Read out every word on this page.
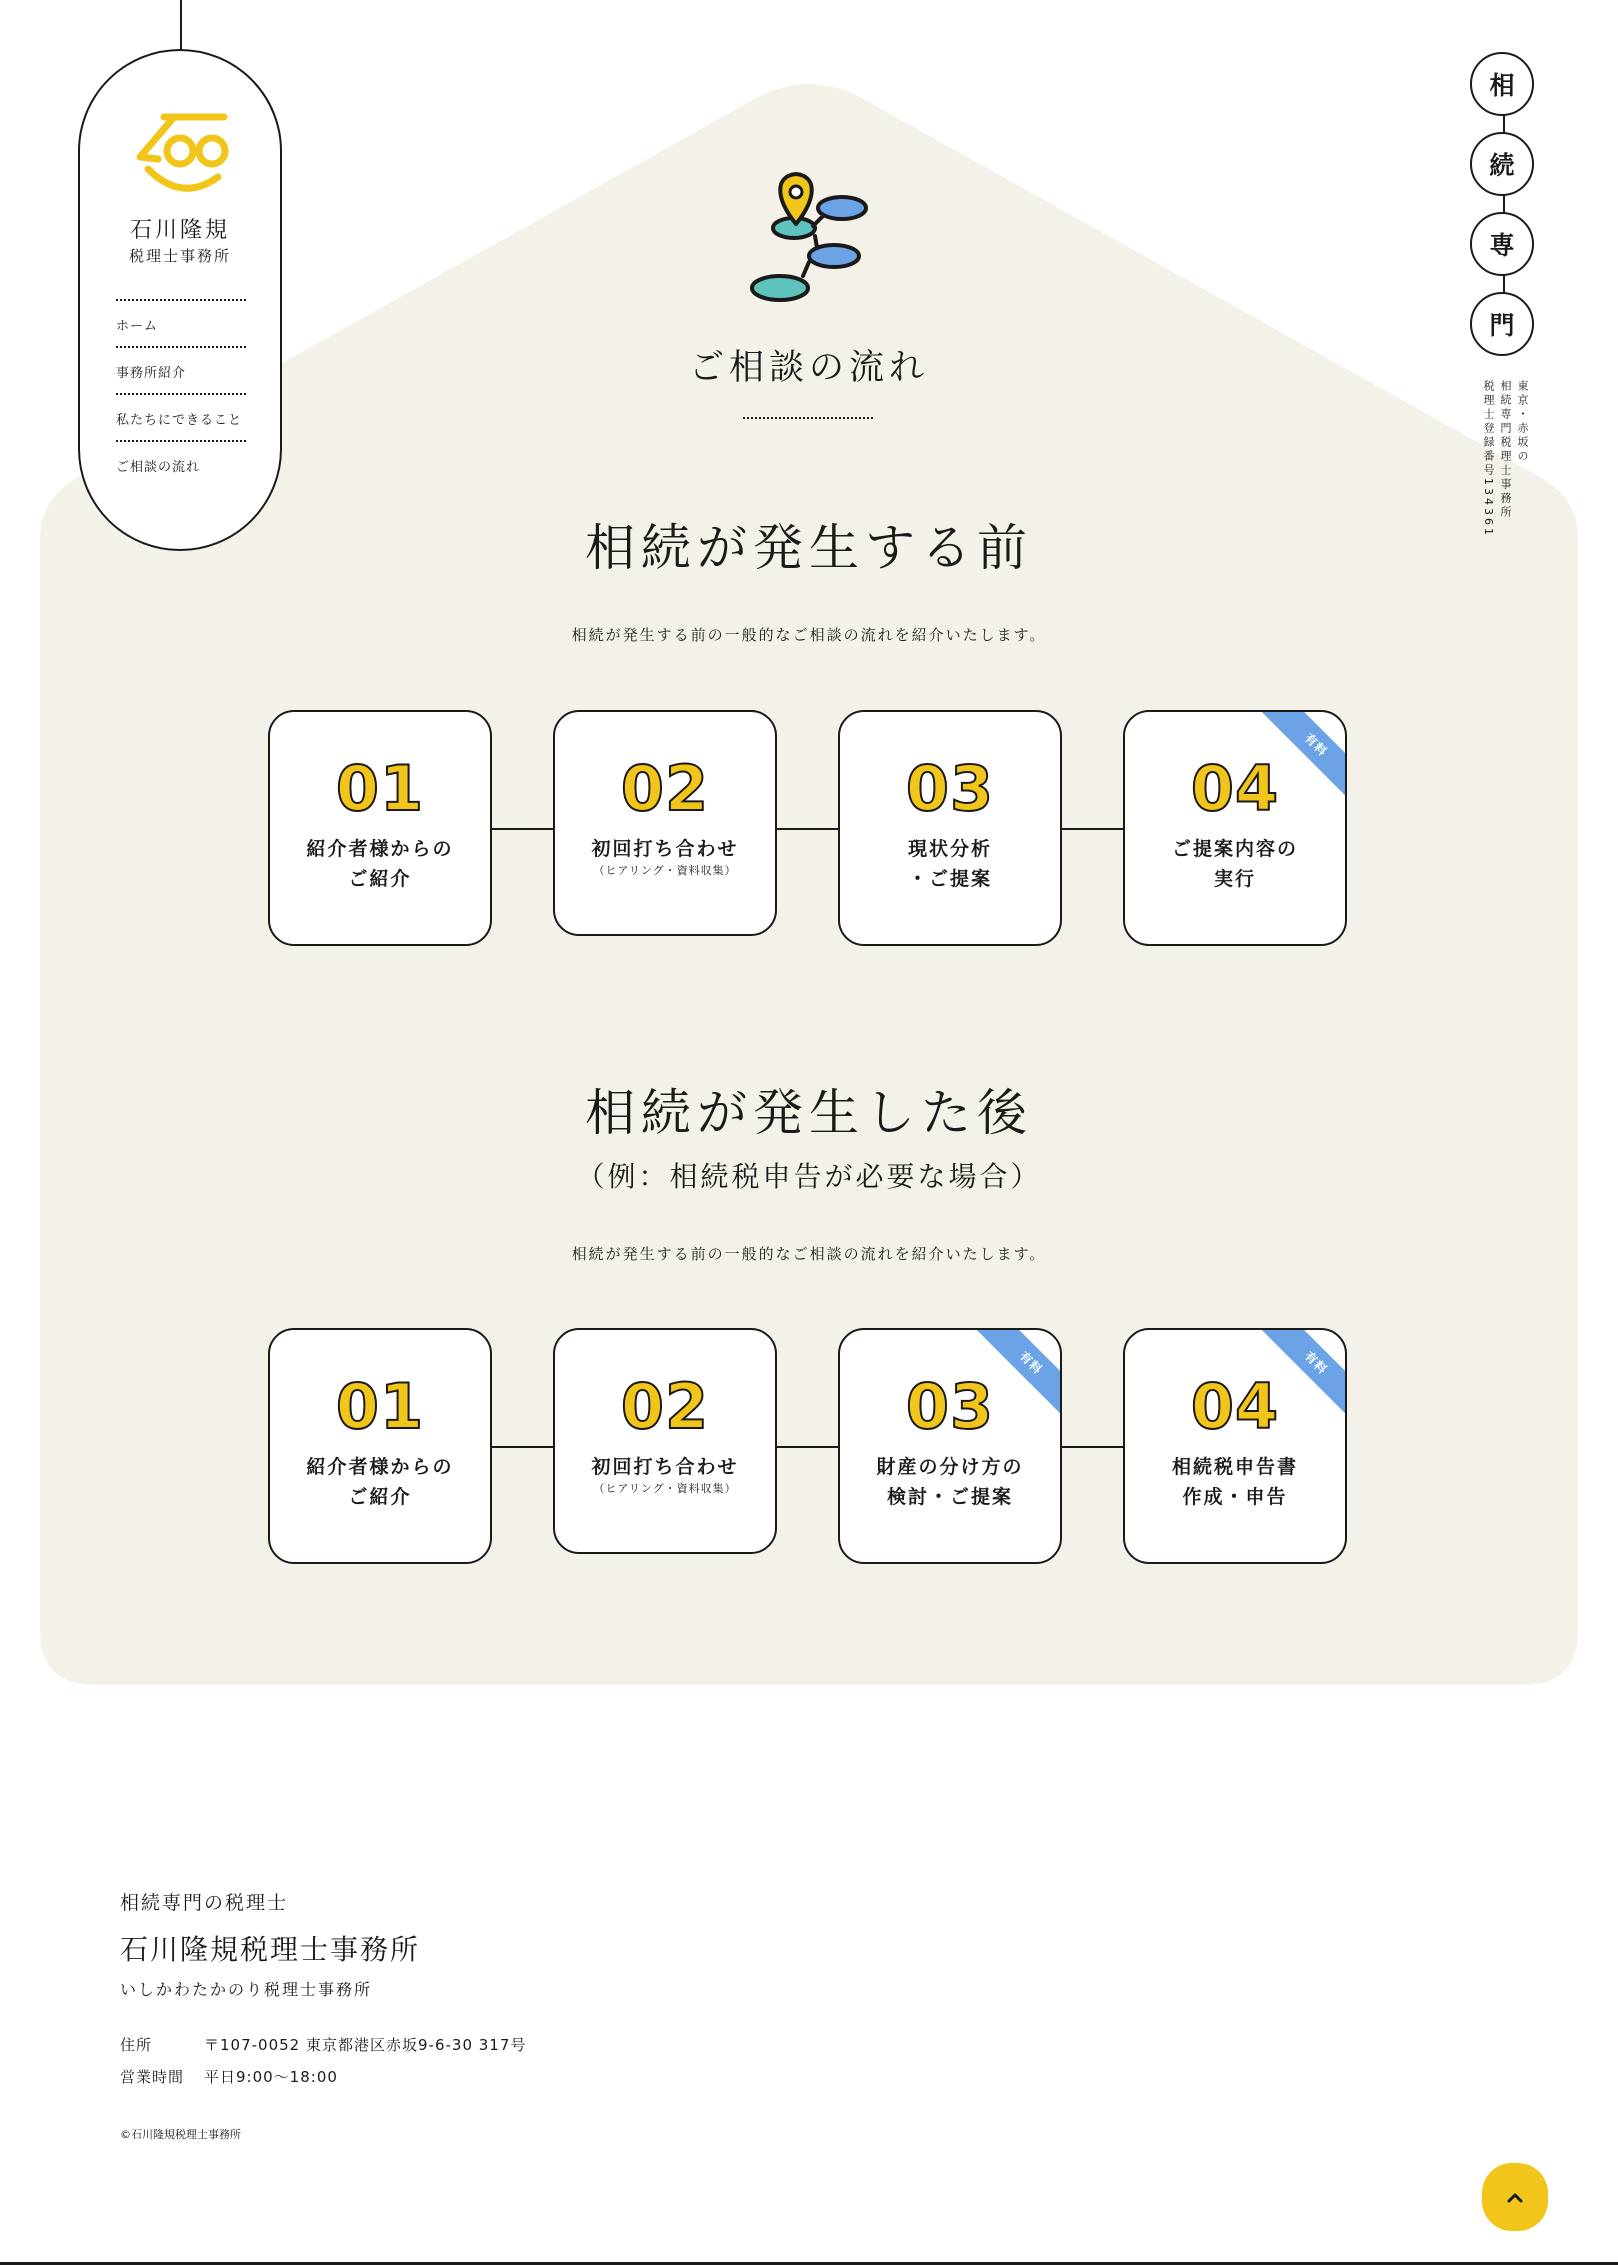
石川隆規
税理士事務所
ホーム
事務所紹介
私たちにできること
ご相談の流れ
相
続
専
門
東京・赤坂の
相続専門税理士事務所
税理士登録番号134361
ご相談の流れ
相続が発生する前
相続が発生する前の一般的なご相談の流れを紹介いたします。
01
紹介者様からの
ご紹介
02
初回打ち合わせ
（ヒアリング・資料収集）
03
現状分析
・ご提案
有料
04
ご提案内容の
実行
相続が発生した後
（例：相続税申告が必要な場合）
相続が発生する前の一般的なご相談の流れを紹介いたします。
01
紹介者様からの
ご紹介
02
初回打ち合わせ
（ヒアリング・資料収集）
有料
03
財産の分け方の
検討・ご提案
有料
04
相続税申告書
作成・申告
相続専門の税理士
石川隆規税理士事務所
いしかわたかのり税理士事務所
住所	〒107-0052 東京都港区赤坂9-6-30 317号
営業時間 平日9:00〜18:00
©石川隆規税理士事務所
